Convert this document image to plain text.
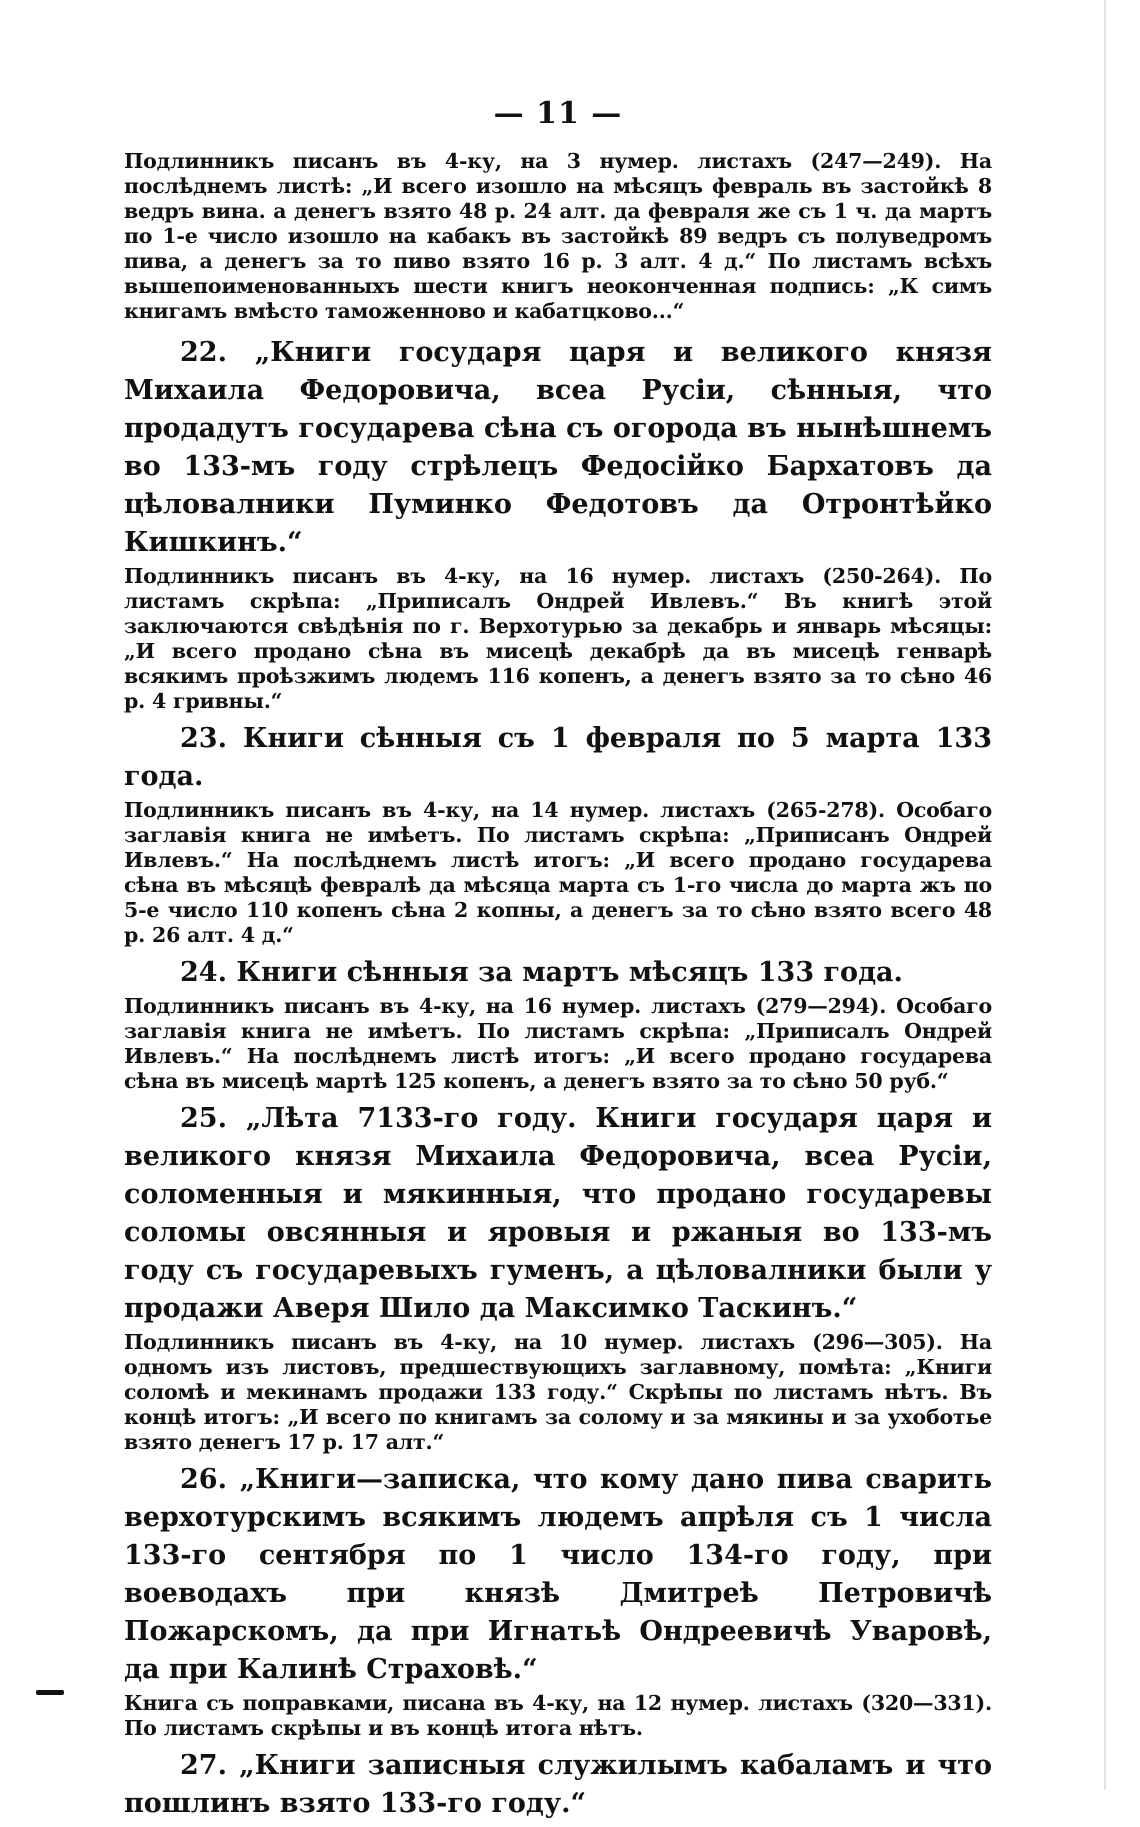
— 11 —

Подлинникъ писанъ въ 4-ку, на 3 нумер. листахъ (247—249). На послѣднемъ листѣ: „И всего изошло на мѣсяцъ февраль въ застойкѣ 8 ведръ вина. а денегъ взято 48 р. 24 алт. да февраля же съ 1 ч. да мартъ по 1-е число изошло на кабакъ въ застойкѣ 89 ведръ съ полуведромъ пива, а денегъ за то пиво взято 16 р. 3 алт. 4 д.“ По листамъ всѣхъ вышепоименованныхъ шести книгъ неоконченная подпись: „К симъ книгамъ вмѣсто таможенново и кабатцково...“

22. „Книги государя царя и великого князя Михаила Федоровича, всеа Русіи, сѣнныя, что продадутъ государева сѣна съ огорода въ нынѣшнемъ во 133-мъ году стрѣлецъ Федосійко Бархатовъ да цѣловалники Пуминко Федотовъ да Отронтѣйко Кишкинъ.“

Подлинникъ писанъ въ 4-ку, на 16 нумер. листахъ (250-264). По листамъ скрѣпа: „Приписалъ Ондрей Ивлевъ.“ Въ книгѣ этой заключаются свѣдѣнія по г. Верхотурью за декабрь и январь мѣсяцы: „И всего продано сѣна въ мисецѣ декабрѣ да въ мисецѣ генварѣ всякимъ проѣзжимъ людемъ 116 копенъ, а денегъ взято за то сѣно 46 р. 4 гривны.“

23. Книги сѣнныя съ 1 февраля по 5 марта 133 года.

Подлинникъ писанъ въ 4-ку, на 14 нумер. листахъ (265-278). Особаго заглавія книга не имѣетъ. По листамъ скрѣпа: „Приписанъ Ондрей Ивлевъ.“ На послѣднемъ листѣ итогъ: „И всего продано государева сѣна въ мѣсяцѣ февралѣ да мѣсяца марта съ 1-го числа до марта жъ по 5-е число 110 копенъ сѣна 2 копны, а денегъ за то сѣно взято всего 48 р. 26 алт. 4 д.“

24. Книги сѣнныя за мартъ мѣсяцъ 133 года.

Подлинникъ писанъ въ 4-ку, на 16 нумер. листахъ (279—294). Особаго заглавія книга не имѣетъ. По листамъ скрѣпа: „Приписалъ Ондрей Ивлевъ.“ На послѣднемъ листѣ итогъ: „И всего продано государева сѣна въ мисецѣ мартѣ 125 копенъ, а денегъ взято за то сѣно 50 руб.“

25. „Лѣта 7133-го году. Книги государя царя и великого князя Михаила Федоровича, всеа Русіи, соломенныя и мякинныя, что продано государевы соломы овсянныя и яровыя и ржаныя во 133-мъ году съ государевыхъ гуменъ, а цѣловалники были у продажи Аверя Шило да Максимко Таскинъ.“

Подлинникъ писанъ въ 4-ку, на 10 нумер. листахъ (296—305). На одномъ изъ листовъ, предшествующихъ заглавному, помѣта: „Книги соломѣ и мекинамъ продажи 133 году.“ Скрѣпы по листамъ нѣтъ. Въ концѣ итогъ: „И всего по книгамъ за солому и за мякины и за ухоботье взято денегъ 17 р. 17 алт.“

26. „Книги—записка, что кому дано пива сварить верхотурскимъ всякимъ людемъ апрѣля съ 1 числа 133-го сентября по 1 число 134-го году, при воеводахъ при князѣ Дмитреѣ Петровичѣ Пожарскомъ, да при Игнатьѣ Ондреевичѣ Уваровѣ, да при Калинѣ Страховѣ.“

Книга съ поправками, писана въ 4-ку, на 12 нумер. листахъ (320—331). По листамъ скрѣпы и въ концѣ итога нѣтъ.

27. „Книги записныя служилымъ кабаламъ и что пошлинъ взято 133-го году.“
